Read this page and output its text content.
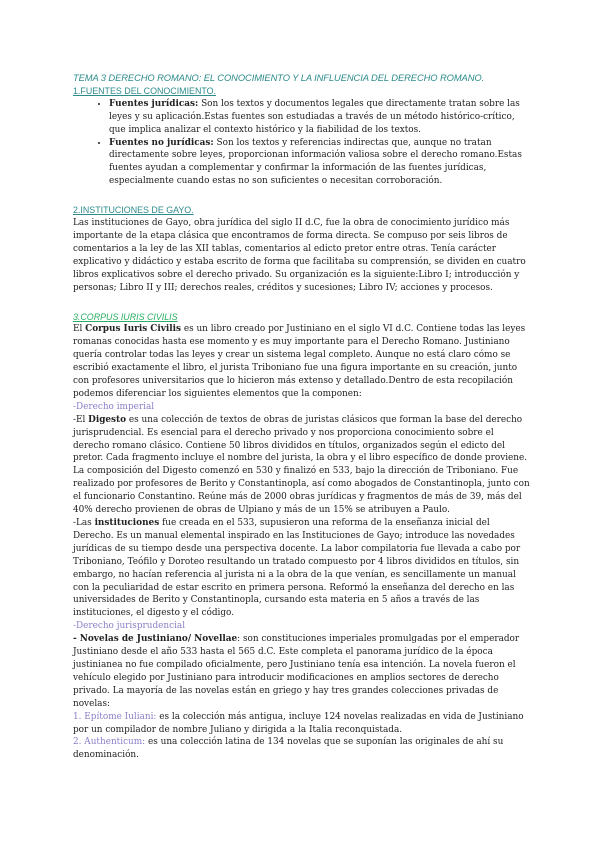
TEMA 3 DERECHO ROMANO: EL CONOCIMIENTO Y LA INFLUENCIA DEL DERECHO ROMANO.
1.FUENTES DEL CONOCIMIENTO.
• Fuentes jurídicas: Son los textos y documentos legales que directamente tratan sobre las leyes y su aplicación.Estas fuentes son estudiadas a través de un método histórico-crítico, que implica analizar el contexto histórico y la fiabilidad de los textos.
• Fuentes no jurídicas: Son los textos y referencias indirectas que, aunque no tratan directamente sobre leyes, proporcionan información valiosa sobre el derecho romano.Estas fuentes ayudan a complementar y confirmar la información de las fuentes jurídicas, especialmente cuando estas no son suficientes o necesitan corroboración.
2.INSTITUCIONES DE GAYO.

Las instituciones de Gayo, obra jurídica del siglo II d.C, fue la obra de conocimiento jurídico más importante de la etapa clásica que encontramos de forma directa. Se compuso por seis libros de comentarios a la ley de las XII tablas, comentarios al edicto pretor entre otras. Tenía carácter explicativo y didáctico y estaba escrito de forma que facilitaba su comprensión, se dividen en cuatro libros explicativos sobre el derecho privado. Su organización es la siguiente:Libro I; introducción y personas; Libro II y III; derechos reales, créditos y sucesiones; Libro IV; acciones y procesos.

3.CORPUS IURIS CIVILIS

El Corpus Iuris Civilis es un libro creado por Justiniano en el siglo VI d.C. Contiene todas las leyes romanas conocidas hasta ese momento y es muy importante para el Derecho Romano. Justiniano quería controlar todas las leyes y crear un sistema legal completo. Aunque no está claro cómo se escribió exactamente el libro, el jurista Triboniano fue una figura importante en su creación, junto con profesores universitarios que lo hicieron más extenso y detallado.Dentro de esta recopilación podemos diferenciar los siguientes elementos que la componen:

-Derecho imperial

-El Digesto es una colección de textos de obras de juristas clásicos que forman la base del derecho jurisprudencial. Es esencial para el derecho privado y nos proporciona conocimiento sobre el derecho romano clásico. Contiene 50 libros divididos en títulos, organizados según el edicto del pretor. Cada fragmento incluye el nombre del jurista, la obra y el libro específico de donde proviene.

La composición del Digesto comenzó en 530 y finalizó en 533, bajo la dirección de Triboniano. Fue realizado por profesores de Berito y Constantinopla, así como abogados de Constantinopla, junto con el funcionario Constantino. Reúne más de 2000 obras jurídicas y fragmentos de más de 39, más del 40% derecho provienen de obras de Ulpiano y más de un 15% se atribuyen a Paulo.

-Las instituciones fue creada en el 533, supusieron una reforma de la enseñanza inicial del Derecho. Es un manual elemental inspirado en las Instituciones de Gayo; introduce las novedades jurídicas de su tiempo desde una perspectiva docente. La labor compilatoria fue llevada a cabo por Triboniano, Teófilo y Doroteo resultando un tratado compuesto por 4 libros divididos en títulos, sin embargo, no hacían referencia al jurista ni a la obra de la que venían, es sencillamente un manual con la peculiaridad de estar escrito en primera persona. Reformó la enseñanza del derecho en las universidades de Berito y Constantinopla, cursando esta materia en 5 años a través de las instituciones, el digesto y el código.

-Derecho jurisprudencial

- Novelas de Justiniano/ Novellae: son constituciones imperiales promulgadas por el emperador Justiniano desde el año 533 hasta el 565 d.C. Este completa el panorama jurídico de la época justinianea no fue compilado oficialmente, pero Justiniano tenía esa intención. La novela fueron el vehículo elegido por Justiniano para introducir modificaciones en amplios sectores de derecho privado. La mayoría de las novelas están en griego y hay tres grandes colecciones privadas de novelas:

1. Epítome Iuliani: es la colección más antigua, incluye 124 novelas realizadas en vida de Justiniano por un compilador de nombre Juliano y dirigida a la Italia reconquistada.

2. Authenticum: es una colección latina de 134 novelas que se suponían las originales de ahí su denominación.
